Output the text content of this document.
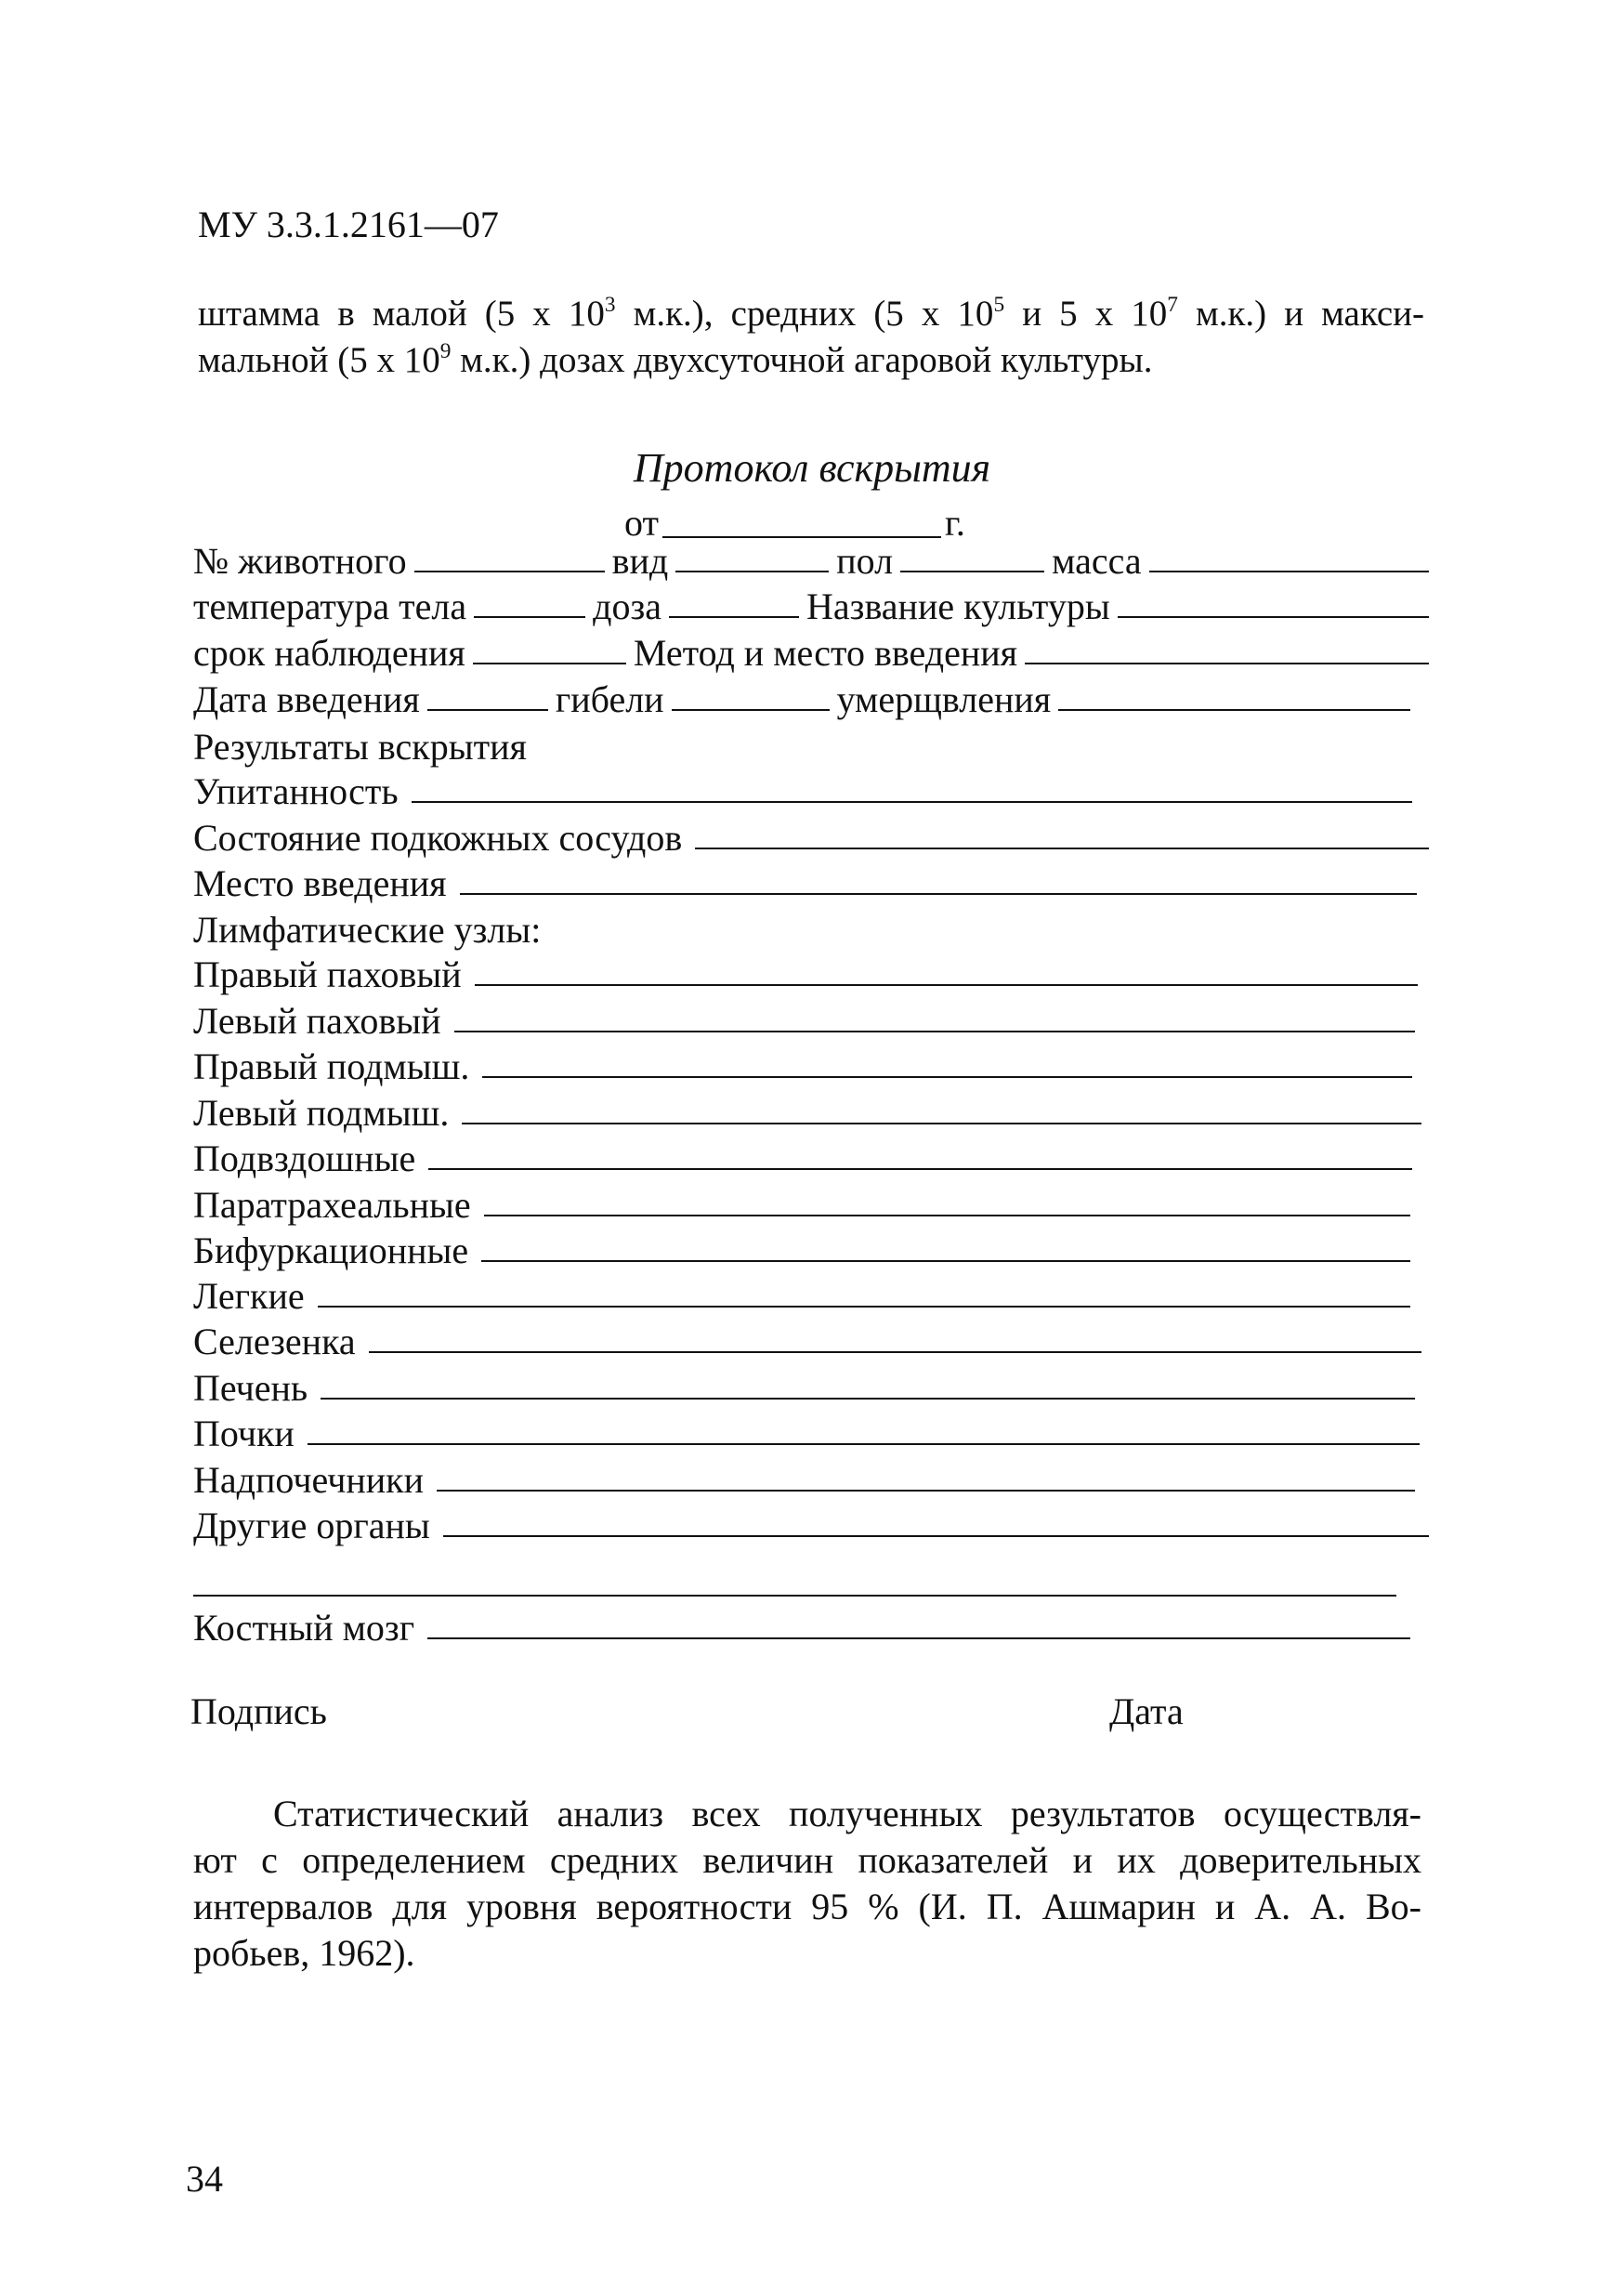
МУ 3.3.1.2161—07
штамма в малой (5 х $10^3$ м.к.), средних (5 х $10^5$ и 5 х $10^7$ м.к.) и макси-
мальной (5 х $10^9$ м.к.) дозах двухсуточной агаровой культуры.
Протокол вскрытия
от	г.
№ животного	вид	пол	масса
температура тела	доза	Название культуры
срок наблюдения	Метод и место введения
Дата введения	гибели	умерщвления
Результаты вскрытия
Упитанность
Состояние подкожных сосудов
Место введения
Лимфатические узлы:
Правый паховый
Левый паховый
Правый подмыш.
Левый подмыш.
Подвздошные
Паратрахеальные
Бифуркационные
Легкие
Селезенка
Печень
Почки
Надпочечники
Другие органы
Костный мозг
Подпись	Дата
Статистический анализ всех полученных результатов осуществля-
ют с определением средних величин показателей и их доверительных
интервалов для уровня вероятности 95 % (И. П. Ашмарин и А. А. Во-
робьев, 1962).
34
